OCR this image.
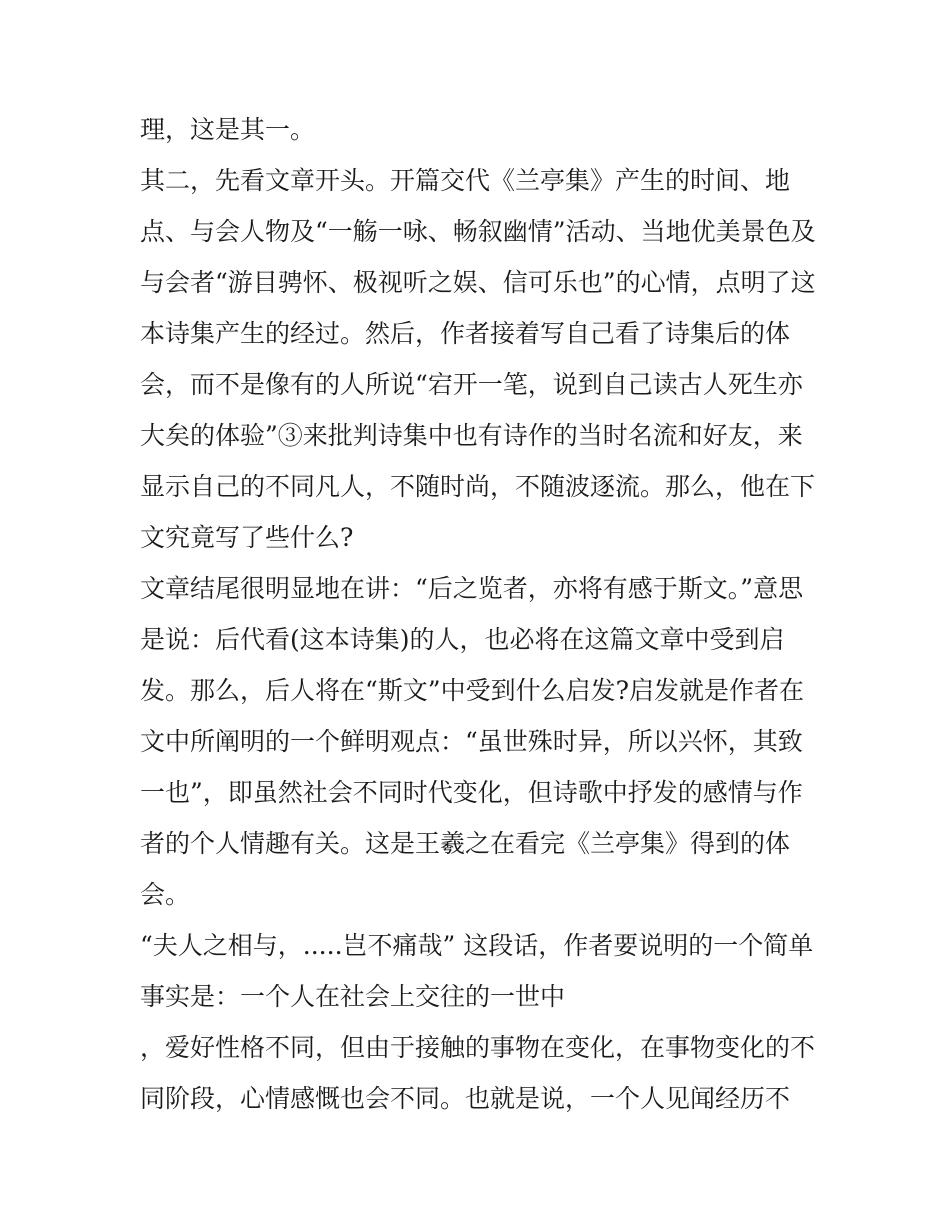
理，这是其一。
其二，先看文章开头。开篇交代《兰亭集》产生的时间、地
点、与会人物及“一觞一咏、畅叙幽情”活动、当地优美景色及
与会者“游目骋怀、极视听之娱、信可乐也”的心情，点明了这
本诗集产生的经过。然后，作者接着写自己看了诗集后的体
会，而不是像有的人所说“宕开一笔，说到自己读古人死生亦
大矣的体验”③来批判诗集中也有诗作的当时名流和好友，来
显示自己的不同凡人，不随时尚，不随波逐流。那么，他在下
文究竟写了些什么?
文章结尾很明显地在讲：“后之览者，亦将有感于斯文。”意思
是说：后代看(这本诗集)的人，也必将在这篇文章中受到启
发。那么，后人将在“斯文”中受到什么启发?启发就是作者在
文中所阐明的一个鲜明观点：“虽世殊时异，所以兴怀，其致
一也”，即虽然社会不同时代变化，但诗歌中抒发的感情与作
者的个人情趣有关。这是王羲之在看完《兰亭集》得到的体
会。
“夫人之相与，.....岂不痛哉” 这段话，作者要说明的一个简单
事实是：一个人在社会上交往的一世中
，爱好性格不同，但由于接触的事物在变化，在事物变化的不
同阶段，心情感慨也会不同。也就是说，一个人见闻经历不
